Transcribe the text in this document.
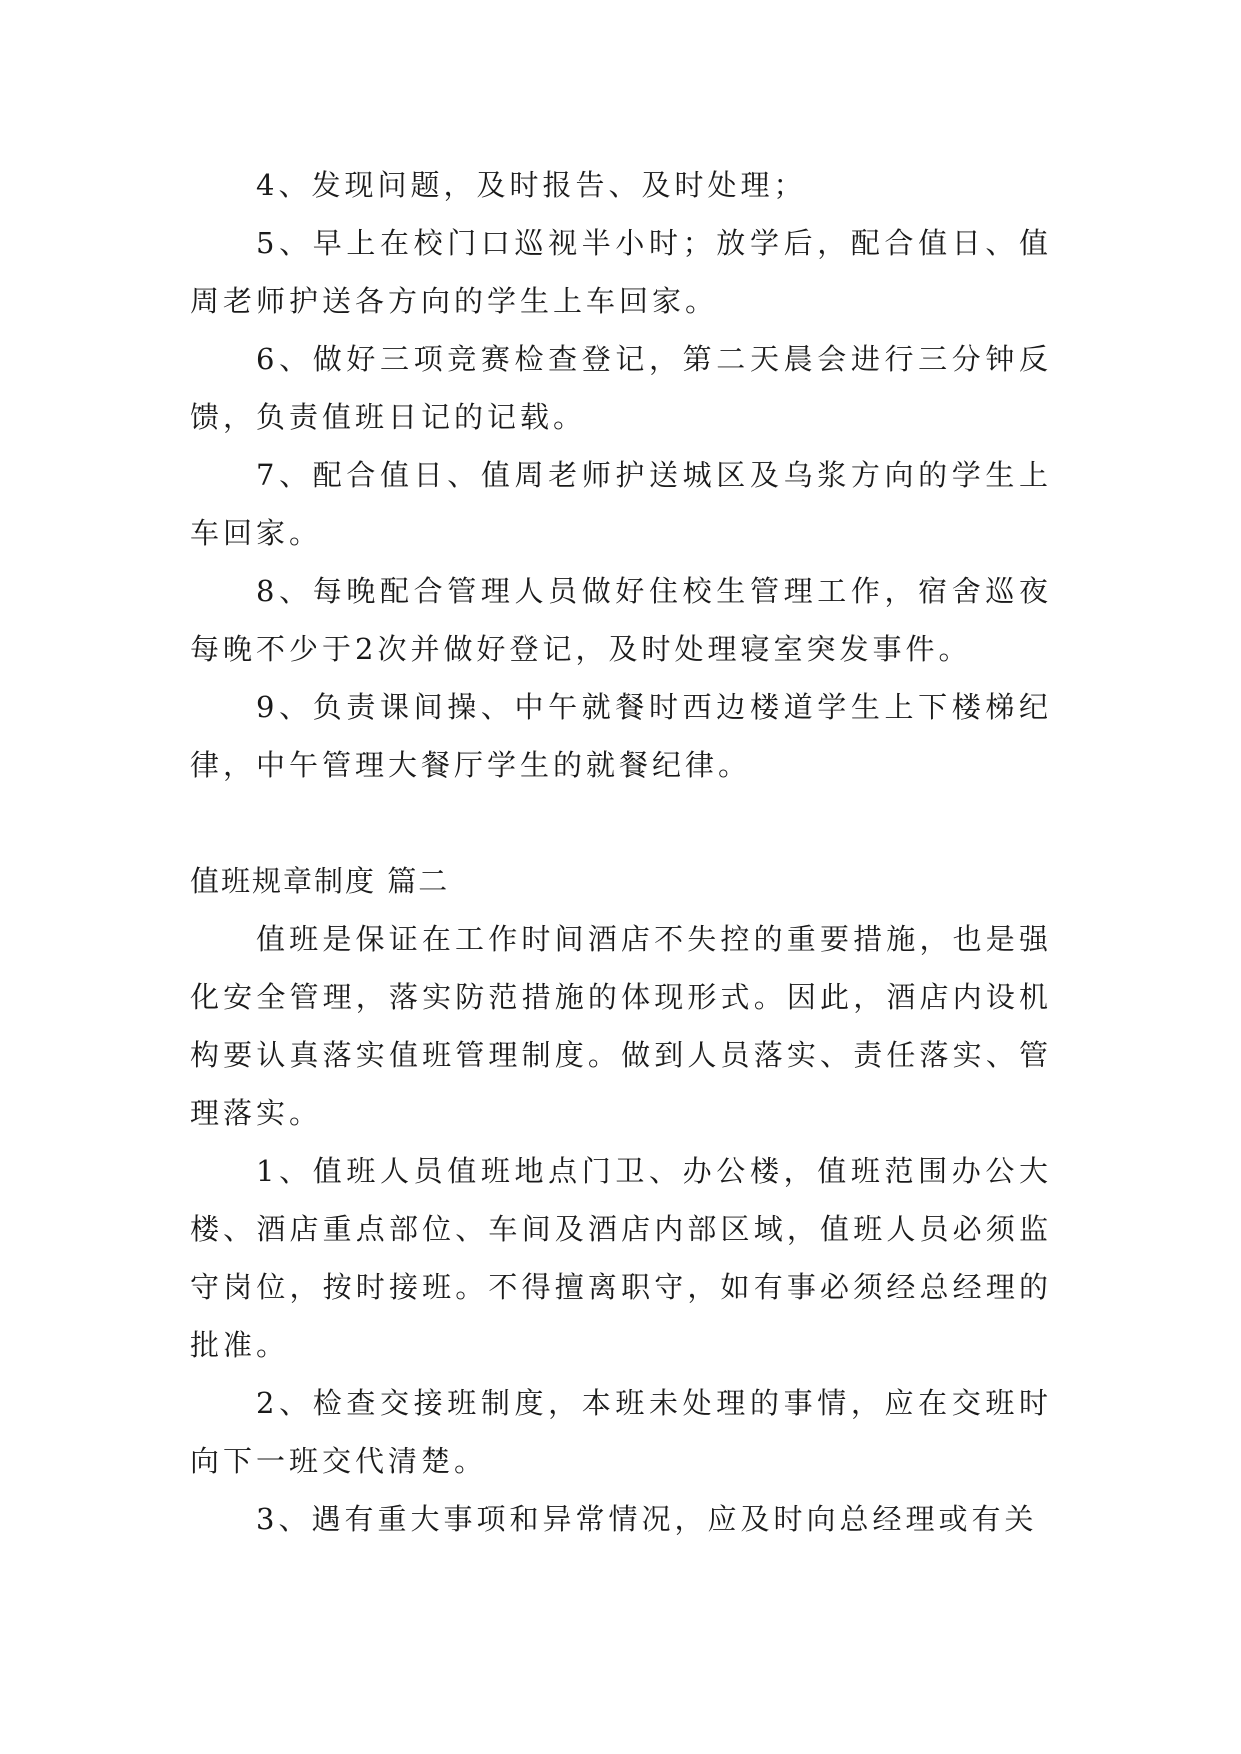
4、发现问题，及时报告、及时处理；

5、早上在校门口巡视半小时；放学后，配合值日、值周老师护送各方向的学生上车回家。

6、做好三项竞赛检查登记，第二天晨会进行三分钟反馈，负责值班日记的记载。

7、配合值日、值周老师护送城区及乌浆方向的学生上车回家。

8、每晚配合管理人员做好住校生管理工作，宿舍巡夜每晚不少于2次并做好登记，及时处理寝室突发事件。

9、负责课间操、中午就餐时西边楼道学生上下楼梯纪律，中午管理大餐厅学生的就餐纪律。

值班规章制度 篇二

值班是保证在工作时间酒店不失控的重要措施，也是强化安全管理，落实防范措施的体现形式。因此，酒店内设机构要认真落实值班管理制度。做到人员落实、责任落实、管理落实。

1、值班人员值班地点门卫、办公楼，值班范围办公大楼、酒店重点部位、车间及酒店内部区域，值班人员必须监守岗位，按时接班。不得擅离职守，如有事必须经总经理的批准。

2、检查交接班制度，本班未处理的事情，应在交班时向下一班交代清楚。

3、遇有重大事项和异常情况，应及时向总经理或有关
